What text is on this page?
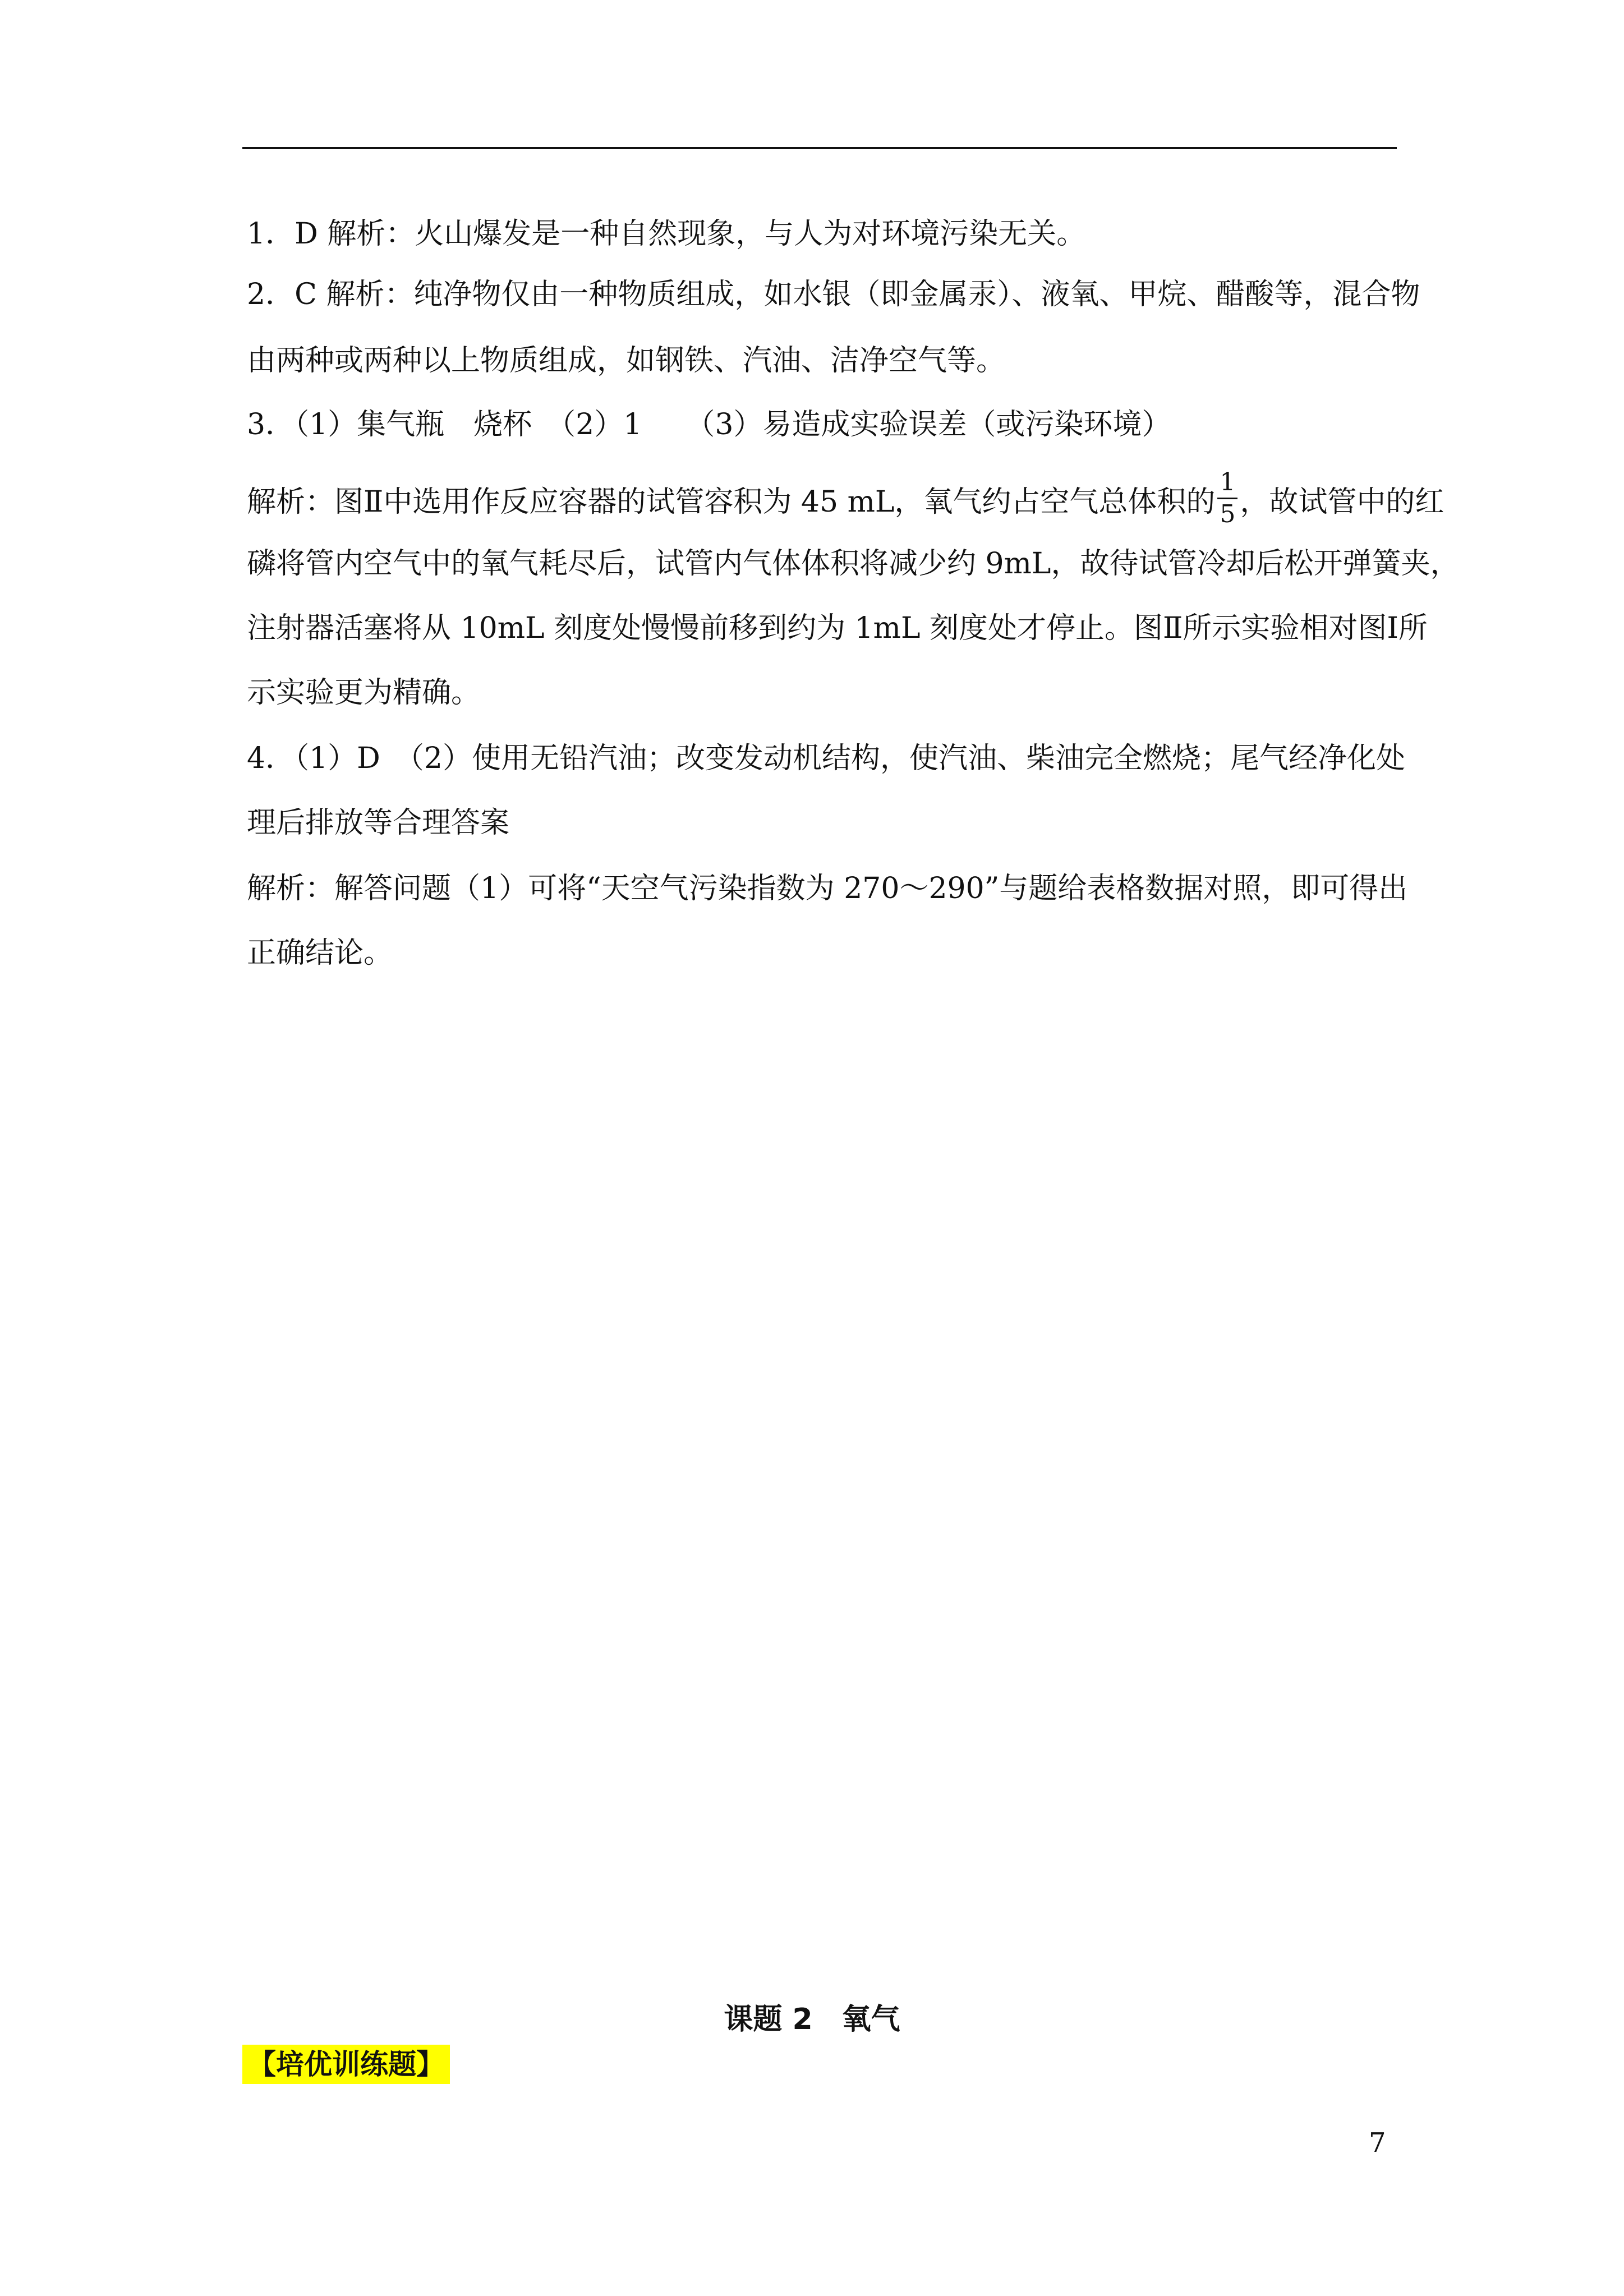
1．D 解析：火山爆发是一种自然现象，与人为对环境污染无关。
2．C 解析：纯净物仅由一种物质组成，如水银（即金属汞）、液氧、甲烷、醋酸等，混合物
由两种或两种以上物质组成，如钢铁、汽油、洁净空气等。
3．（1）集气瓶　烧杯　（2）1　　（3）易造成实验误差（或污染环境）
解析：图Ⅱ中选用作反应容器的试管容积为 45 mL，氧气约占空气总体积的 $\frac{1}{5}$ ，故试管中的红
磷将管内空气中的氧气耗尽后，试管内气体体积将减少约 9mL，故待试管冷却后松开弹簧夹，
注射器活塞将从 10mL 刻度处慢慢前移到约为 1mL 刻度处才停止。图Ⅱ所示实验相对图Ⅰ所
示实验更为精确。
4．（1）D　（2）使用无铅汽油；改变发动机结构，使汽油、柴油完全燃烧；尾气经净化处
理后排放等合理答案
解析：解答问题（1）可将“天空气污染指数为 270～290”与题给表格数据对照，即可得出
正确结论。
课题 2　氧气
【培优训练题】
7
